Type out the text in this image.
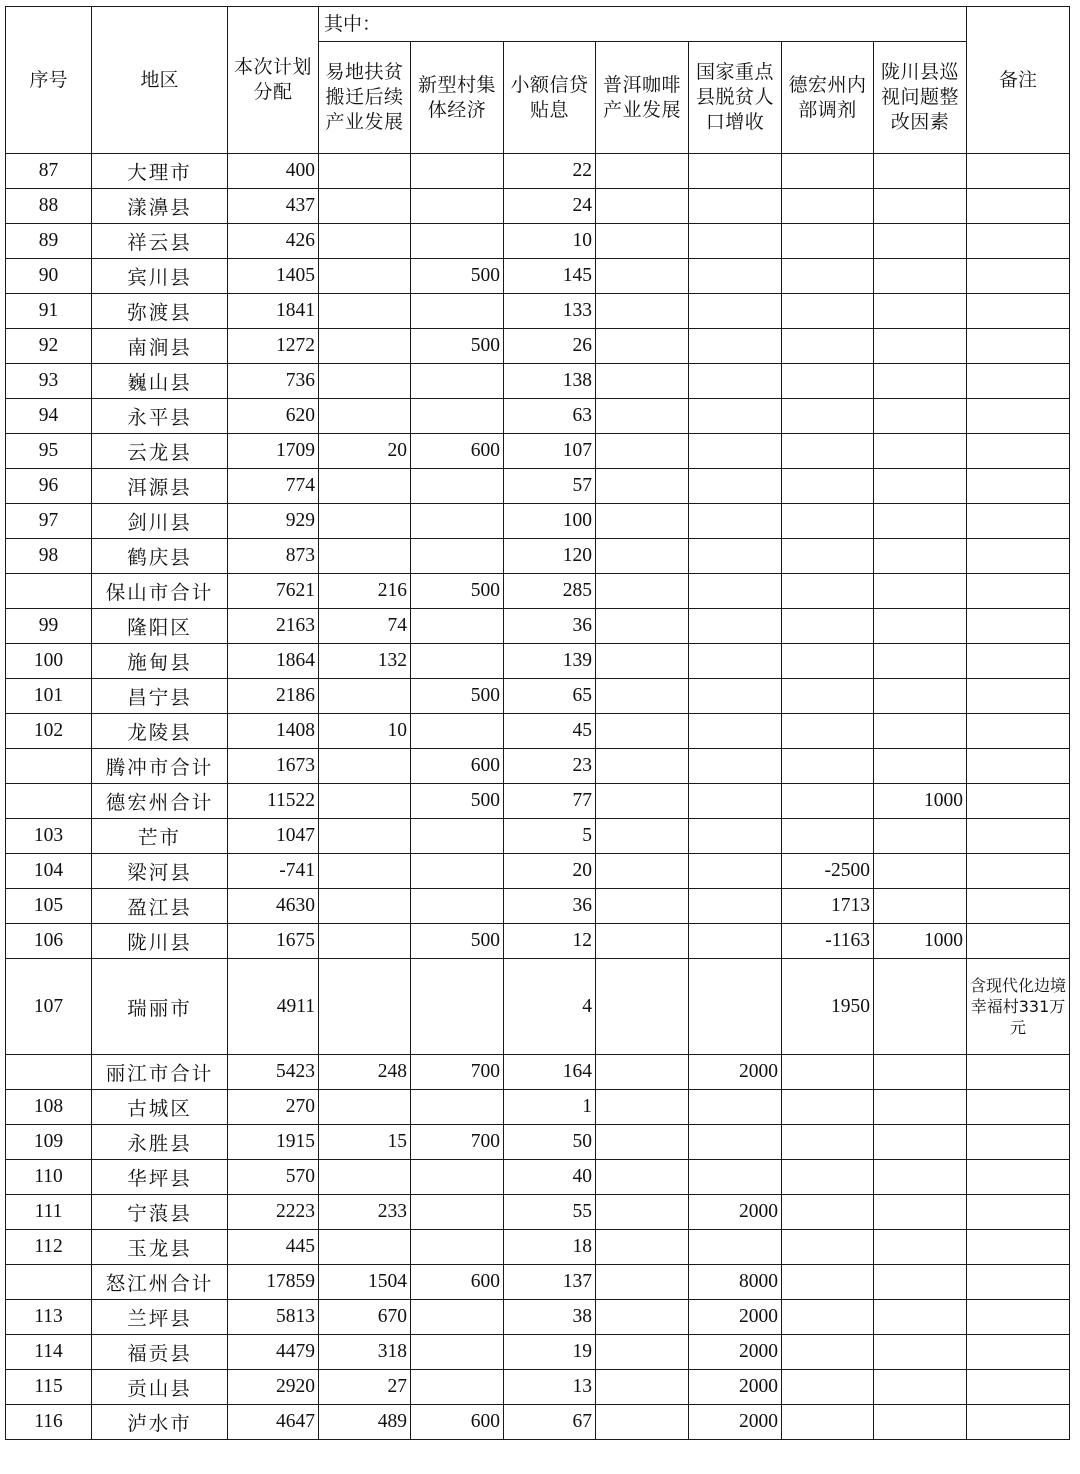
序号	地区	本次计划分配	其中：							备注
			易地扶贫搬迁后续产业发展	新型村集体经济	小额信贷贴息	普洱咖啡产业发展	国家重点县脱贫人口增收	德宏州内部调剂	陇川县巡视问题整改因素	
87	大理市	400			22					
88	漾濞县	437			24					
89	祥云县	426			10					
90	宾川县	1405		500	145					
91	弥渡县	1841			133					
92	南涧县	1272		500	26					
93	巍山县	736			138					
94	永平县	620			63					
95	云龙县	1709	20	600	107					
96	洱源县	774			57					
97	剑川县	929			100					
98	鹤庆县	873			120					
	保山市合计	7621	216	500	285					
99	隆阳区	2163	74		36					
100	施甸县	1864	132		139					
101	昌宁县	2186		500	65					
102	龙陵县	1408	10		45					
	腾冲市合计	1673		600	23					
	德宏州合计	11522		500	77				1000	
103	芒市	1047			5					
104	梁河县	-741			20			-2500		
105	盈江县	4630			36			1713		
106	陇川县	1675		500	12			-1163	1000	
107	瑞丽市	4911			4			1950		含现代化边境幸福村331万元
	丽江市合计	5423	248	700	164		2000			
108	古城区	270			1					
109	永胜县	1915	15	700	50					
110	华坪县	570			40					
111	宁蒗县	2223	233		55		2000			
112	玉龙县	445			18					
	怒江州合计	17859	1504	600	137		8000			
113	兰坪县	5813	670		38		2000			
114	福贡县	4479	318		19		2000			
115	贡山县	2920	27		13		2000			
116	泸水市	4647	489	600	67		2000			
